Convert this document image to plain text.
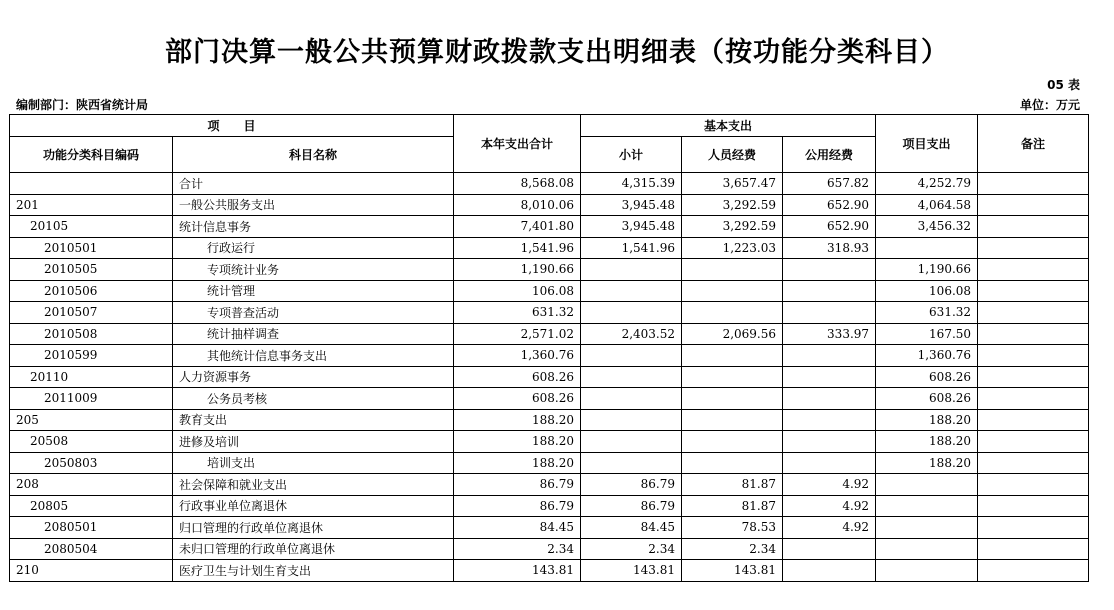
部门决算一般公共预算财政拨款支出明细表（按功能分类科目）
05 表
编制部门：陕西省统计局	单位：万元
项　　目		本年支出合计	基本支出			项目支出	备注
功能分类科目编码	科目名称		小计	人员经费	公用经费		
	合计	8,568.08	4,315.39	3,657.47	657.82	4,252.79	
201	一般公共服务支出	8,010.06	3,945.48	3,292.59	652.90	4,064.58	
20105	统计信息事务	7,401.80	3,945.48	3,292.59	652.90	3,456.32	
2010501	行政运行	1,541.96	1,541.96	1,223.03	318.93		
2010505	专项统计业务	1,190.66				1,190.66	
2010506	统计管理	106.08				106.08	
2010507	专项普查活动	631.32				631.32	
2010508	统计抽样调查	2,571.02	2,403.52	2,069.56	333.97	167.50	
2010599	其他统计信息事务支出	1,360.76				1,360.76	
20110	人力资源事务	608.26				608.26	
2011009	公务员考核	608.26				608.26	
205	教育支出	188.20				188.20	
20508	进修及培训	188.20				188.20	
2050803	培训支出	188.20				188.20	
208	社会保障和就业支出	86.79	86.79	81.87	4.92		
20805	行政事业单位离退休	86.79	86.79	81.87	4.92		
2080501	归口管理的行政单位离退休	84.45	84.45	78.53	4.92		
2080504	未归口管理的行政单位离退休	2.34	2.34	2.34			
210	医疗卫生与计划生育支出	143.81	143.81	143.81			
